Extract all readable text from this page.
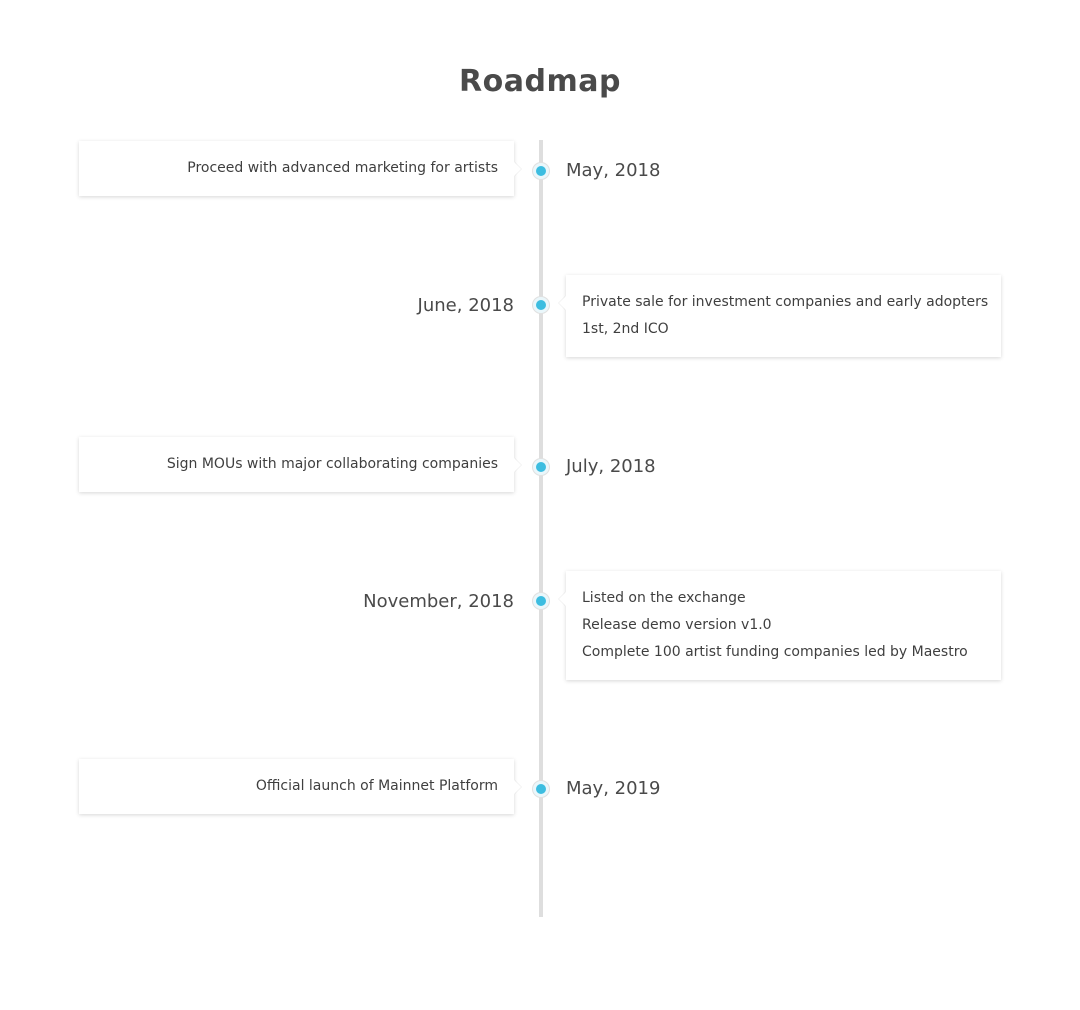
Roadmap
Proceed with advanced marketing for artists	May, 2018
June, 2018	Private sale for investment companies and early adopters
1st, 2nd ICO
Sign MOUs with major collaborating companies	July, 2018
November, 2018	Listed on the exchange
Release demo version v1.0
Complete 100 artist funding companies led by Maestro
Official launch of Mainnet Platform	May, 2019
